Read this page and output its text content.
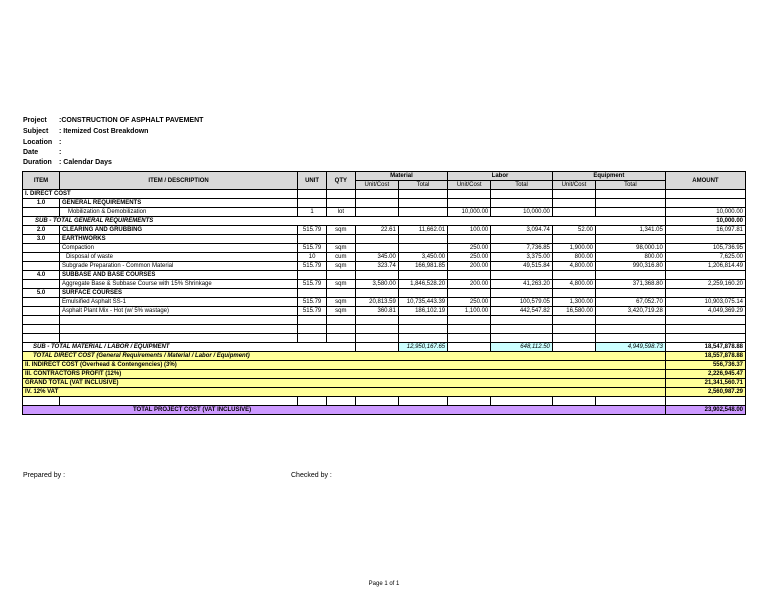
Project :CONSTRUCTION OF ASPHALT PAVEMENT
Subject : Itemized Cost Breakdown
Location :
Date	:
Duration : Calendar Days
ITEM	ITEM / DESCRIPTION	UNIT	QTY	Material		Labor		Equipment		AMOUNT
				Unit/Cost	Total	Unit/Cost	Total	Unit/Cost	Total	
I. DIRECT COST										
1.0	GENERAL REQUIREMENTS									
	Mobilization & Demobilization	1	lot			10,000.00	10,000.00			10,000.00
SUB - TOTAL GENERAL REQUIREMENTS										10,000.00
2.0	CLEARING AND GRUBBING	515.79	sqm	22.61	11,662.01	100.00	3,094.74	52.00	1,341.05	16,097.81
3.0	EARTHWORKS									
	Compaction	515.79	sqm			250.00	7,736.85	1,900.00	98,000.10	105,736.95
	Disposal of waste	10	cum	345.00	3,450.00	250.00	3,375.00	800.00	800.00	7,625.00
	Subgrade Preparation - Common Material	515.79	sqm	323.74	166,981.85	200.00	49,515.84	4,800.00	990,316.80	1,206,814.49
4.0	SUBBASE AND BASE COURSES									
	Aggregate Base & Subbase Course with 15% Shrinkage	515.79	sqm	3,580.00	1,846,528.20	200.00	41,263.20	4,800.00	371,368.80	2,259,160.20
5.0	SURFACE COURSES									
	Emulsified Asphalt SS-1	515.79	sqm	20,813.59	10,735,443.39	250.00	100,579.05	1,300.00	67,052.70	10,903,075.14
	Asphalt Plant Mix - Hot (w/ 5% wastage)	515.79	sqm	360.81	186,102.19	1,100.00	442,547.82	16,580.00	3,420,719.28	4,049,369.29

SUB - TOTAL MATERIAL / LABOR / EQUIPMENT					12,950,167.65		648,112.50		4,949,598.73	18,547,878.88
TOTAL DIRECT COST (General Requirements / Material / Labor / Equipment)										18,557,878.88
II. INDIRECT COST (Overhead & Contengencies) (3%)										556,736.37
III. CONTRACTORS PROFIT (12%)										2,226,945.47
GRAND TOTAL (VAT INCLUSIVE)										21,341,560.71
IV. 12% VAT										2,560,987.29

TOTAL PROJECT COST (VAT INCLUSIVE)										23,902,548.00
Prepared by :	Checked by :
Page 1 of 1
